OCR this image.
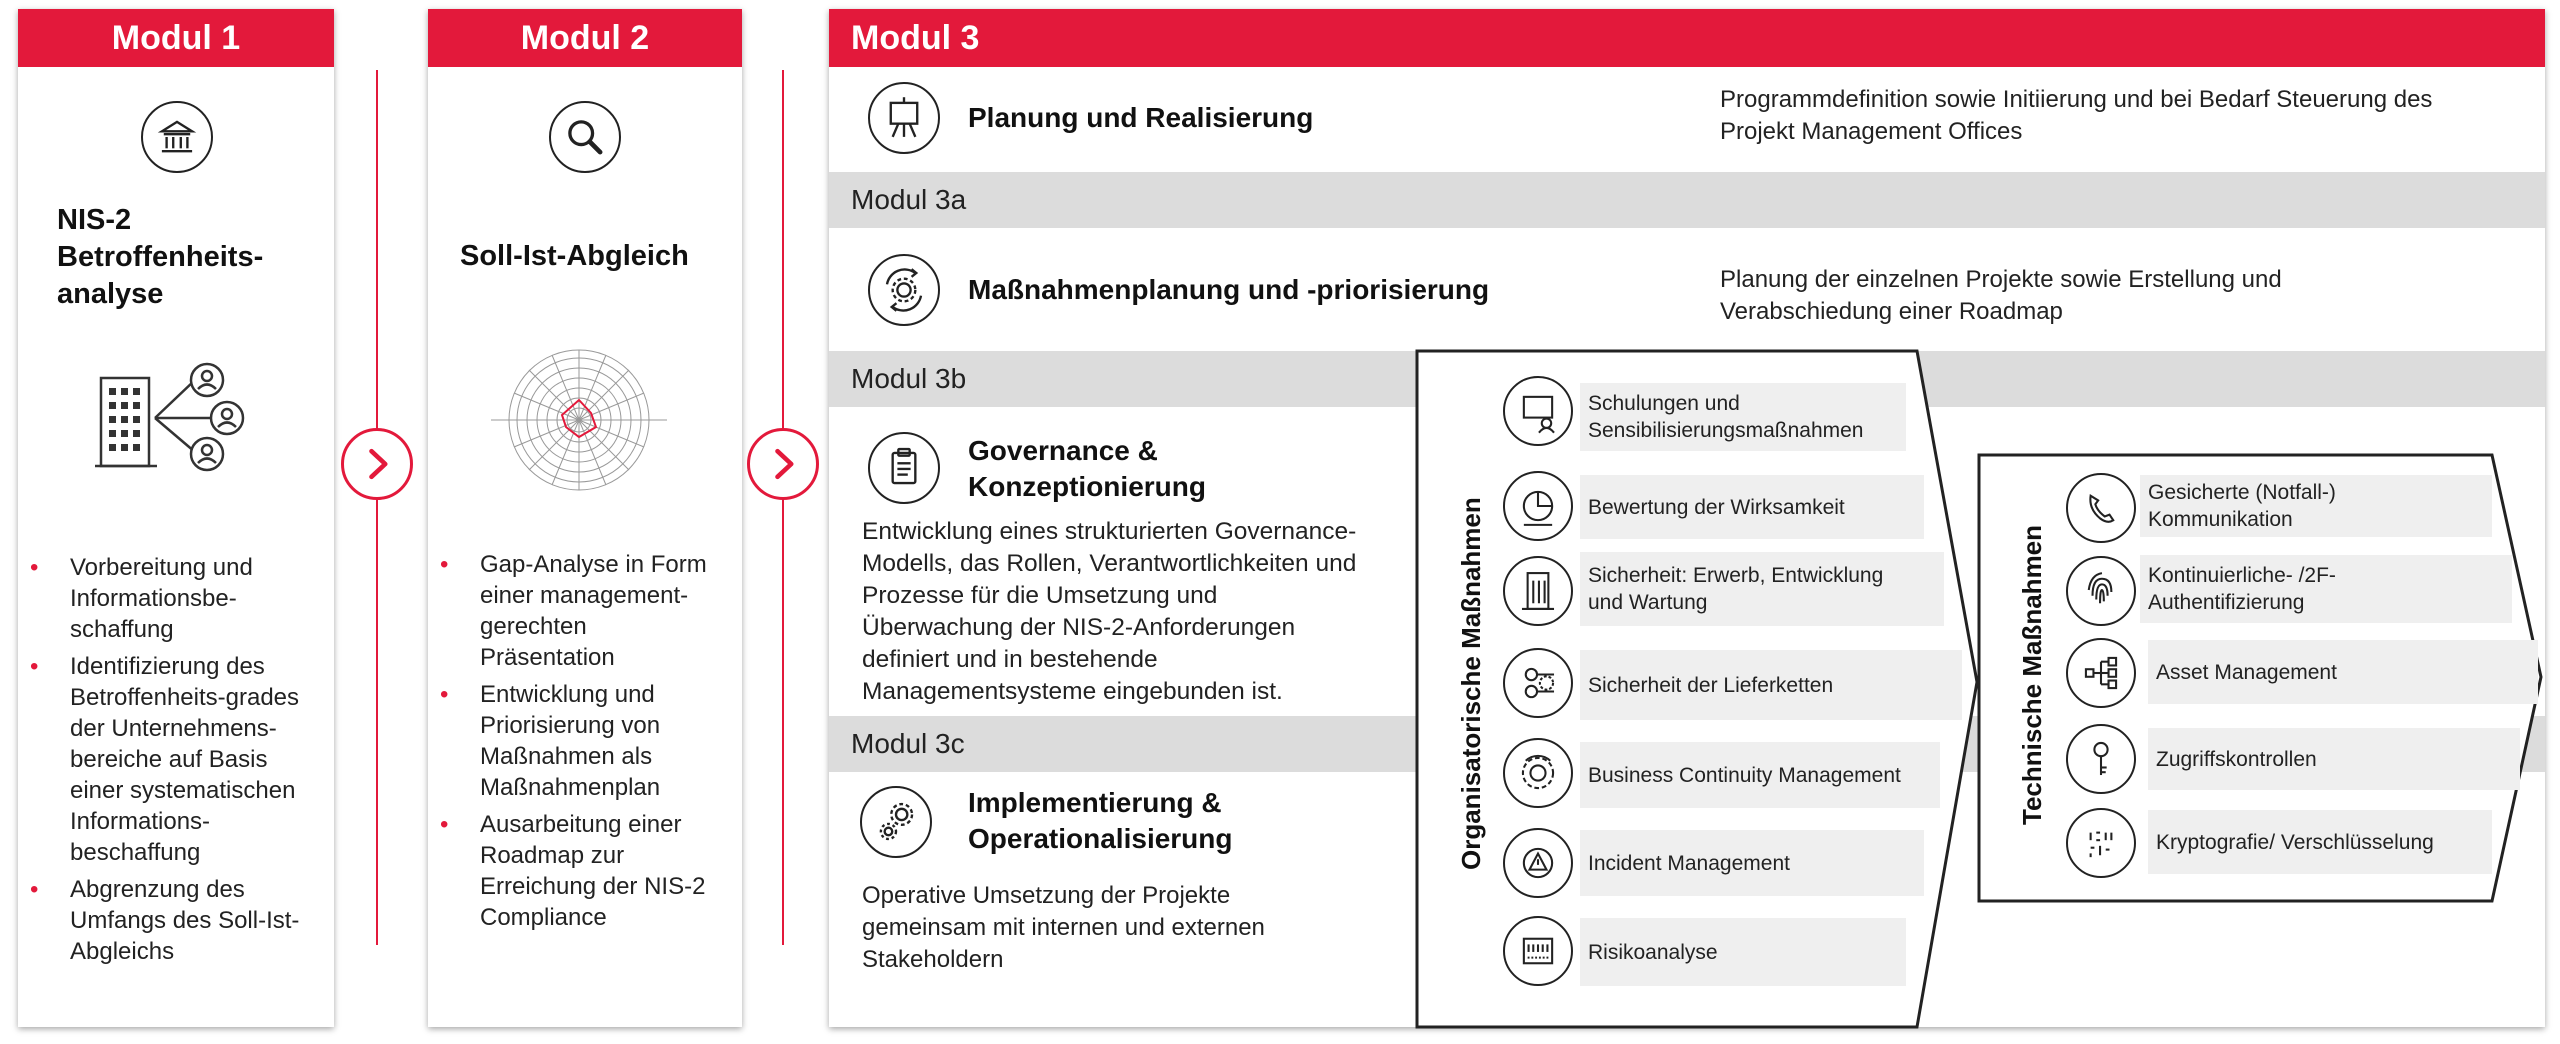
Modul 1
NIS-2
Betroffenheits-
analyse
• Vorbereitung und
Informationsbe-
schaffung
• Identifizierung des
Betroffenheits-grades
der Unternehmens-
bereiche auf Basis
einer systematischen
Informations-
beschaffung
• Abgrenzung des
Umfangs des Soll-Ist-
Abgleichs
Modul 2
Soll-Ist-Abgleich
• Gap-Analyse in Form
einer management-
gerechten
Präsentation
• Entwicklung und
Priorisierung von
Maßnahmen als
Maßnahmenplan
• Ausarbeitung einer
Roadmap zur
Erreichung der NIS-2
Compliance
Modul 3
Planung und Realisierung
Programmdefinition sowie Initiierung und bei Bedarf Steuerung des
Projekt Management Offices
Modul 3a
Maßnahmenplanung und -priorisierung	Planung der einzelnen Projekte sowie Erstellung und
Verabschiedung einer Roadmap
Modul 3b
Governance &
Konzeptionierung
Entwicklung eines strukturierten Governance-
Modells, das Rollen, Verantwortlichkeiten und
Prozesse für die Umsetzung und
Überwachung der NIS-2-Anforderungen
definiert und in bestehende
Managementsysteme eingebunden ist.
Modul 3c
Implementierung &
Operationalisierung
Operative Umsetzung der Projekte
gemeinsam mit internen und externen
Stakeholdern
Organisatorische Maßnahmen
Schulungen und
Sensibilisierungsmaßnahmen
Bewertung der Wirksamkeit
Sicherheit: Erwerb, Entwicklung
und Wartung
Sicherheit der Lieferketten
Business Continuity Management
Incident Management
Risikoanalyse
Technische Maßnahmen
Gesicherte (Notfall-)
Kommunikation
Kontinuierliche- /2F-
Authentifizierung
Asset Management
Zugriffskontrollen
Kryptografie/ Verschlüsselung
